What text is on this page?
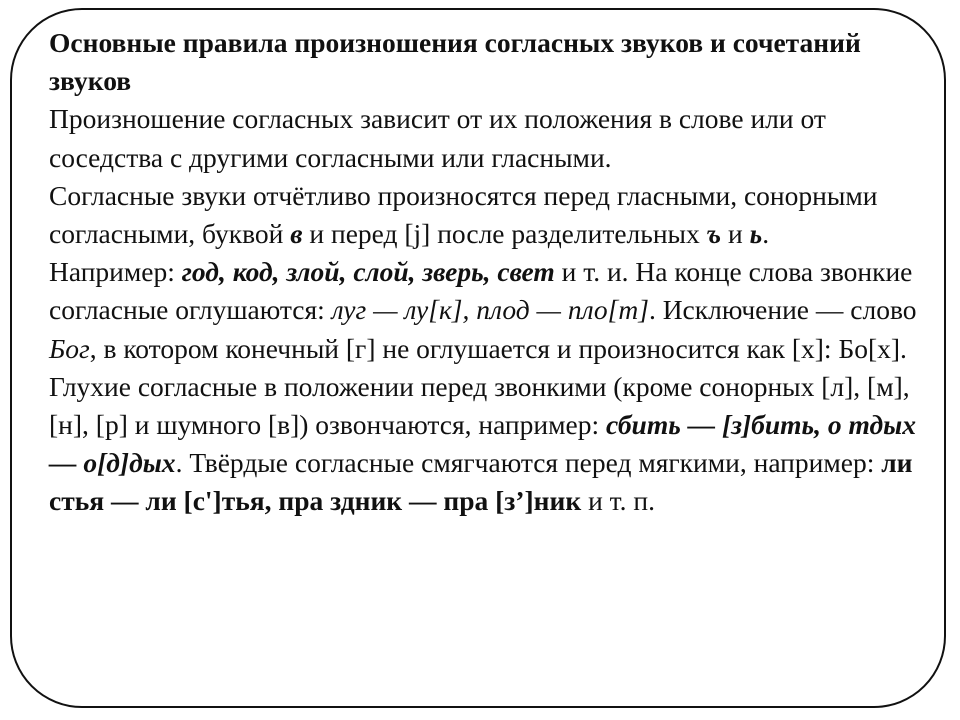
Основные правила произношения согласных звуков и сочетаний звуков

Произношение согласных зависит от их положения в слове или от соседства с другими согласными или гласными.

Согласные звуки отчётливо произносятся перед гласными, сонорными согласными, буквой в и перед [j] после разделительных ъ и ь.

Например: год, код, злой, слой, зверь, свет и т. и. На конце слова звонкие согласные оглушаются: луг — лу[к], плод — пло[т]. Исключение — слово Бог, в котором конечный [г] не оглушается и произносится как [х]: Бо[х]. Глухие согласные в положении перед звонкими (кроме сонорных [л], [м], [н], [р] и шумного [в]) озвончаются, например: сбить — [з]бить, о тдых — о[д]дых. Твёрдые согласные смягчаются перед мягкими, например: ли стья — ли [с']тья, пра здник — пра [з’]ник и т. п.
